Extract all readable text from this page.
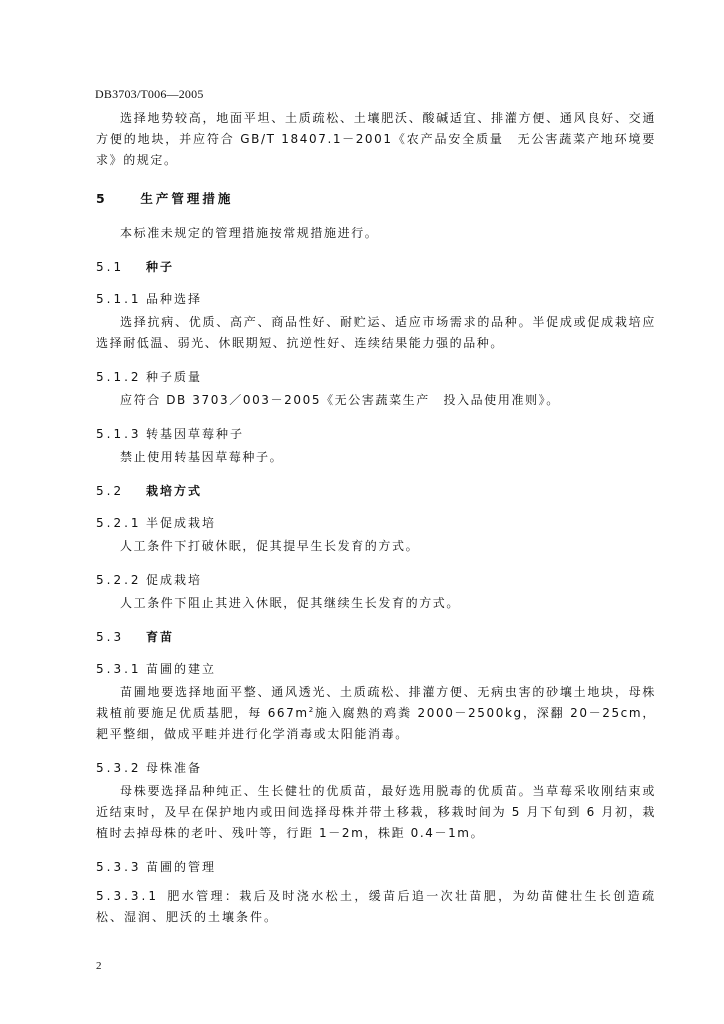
DB3703/T006—2005

选择地势较高，地面平坦、土质疏松、土壤肥沃、酸碱适宜、排灌方便、通风良好、交通方便的地块，并应符合 GB/T 18407.1－2001《农产品安全质量　无公害蔬菜产地环境要求》的规定。

5	生产管理措施

本标准未规定的管理措施按常规措施进行。

5.1 种子
5.1.1 品种选择

选择抗病、优质、高产、商品性好、耐贮运、适应市场需求的品种。半促成或促成栽培应选择耐低温、弱光、休眠期短、抗逆性好、连续结果能力强的品种。

5.1.2 种子质量

应符合 DB 3703／003－2005《无公害蔬菜生产　投入品使用准则》。

5.1.3 转基因草莓种子

禁止使用转基因草莓种子。

5.2 栽培方式
5.2.1 半促成栽培

人工条件下打破休眠，促其提早生长发育的方式。

5.2.2 促成栽培

人工条件下阻止其进入休眠，促其继续生长发育的方式。

5.3 育苗
5.3.1 苗圃的建立

苗圃地要选择地面平整、通风透光、土质疏松、排灌方便、无病虫害的砂壤土地块，母株栽植前要施足优质基肥，每 $667m^2$施入腐熟的鸡粪 2000－2500kg，深翻 20－25cm，耙平整细，做成平畦并进行化学消毒或太阳能消毒。

5.3.2 母株准备

母株要选择品种纯正、生长健壮的优质苗，最好选用脱毒的优质苗。当草莓采收刚结束或近结束时，及早在保护地内或田间选择母株并带土移栽，移栽时间为 5 月下旬到 6 月初，栽植时去掉母株的老叶、残叶等，行距 1－2m，株距 0.4－1m。

5.3.3 苗圃的管理

5.3.3.1 肥水管理：栽后及时浇水松土，缓苗后追一次壮苗肥，为幼苗健壮生长创造疏松、湿润、肥沃的土壤条件。

2
